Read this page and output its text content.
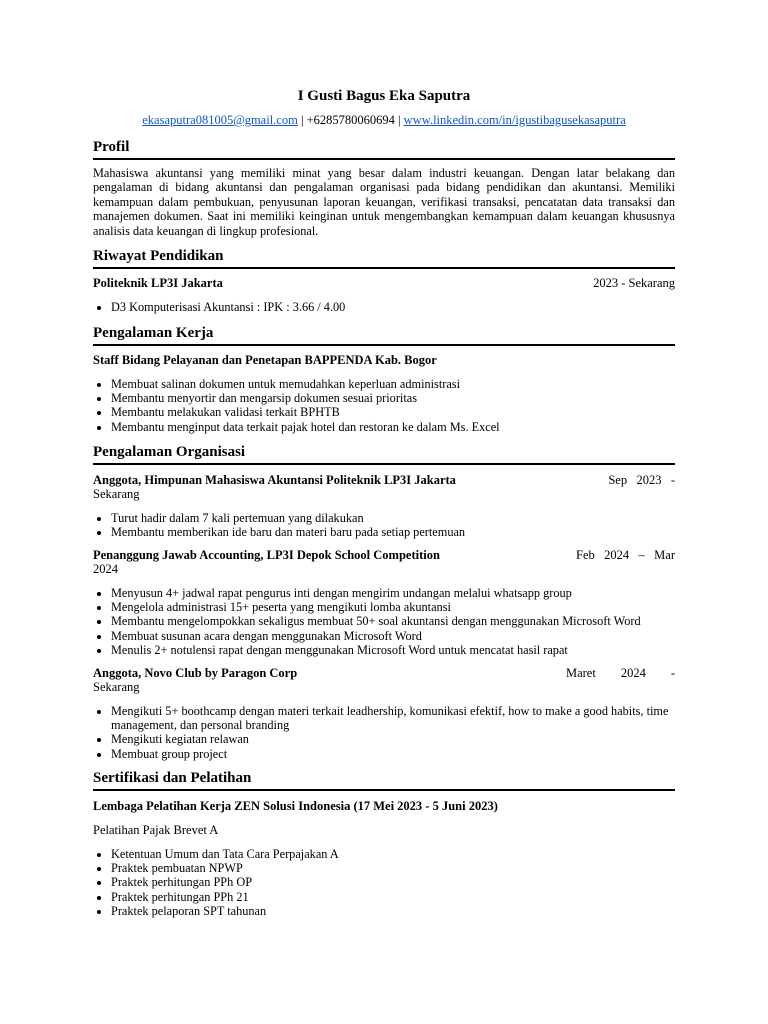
I Gusti Bagus Eka Saputra
ekasaputra081005@gmail.com | +6285780060694 | www.linkedin.com/in/igustibagusekasaputra
Profil
Mahasiswa akuntansi yang memiliki minat yang besar dalam industri keuangan. Dengan latar belakang dan pengalaman di bidang akuntansi dan pengalaman organisasi pada bidang pendidikan dan akuntansi. Memiliki kemampuan dalam pembukuan, penyusunan laporan keuangan, verifikasi transaksi, pencatatan data transaksi dan manajemen dokumen. Saat ini memiliki keinginan untuk mengembangkan kemampuan dalam keuangan khususnya analisis data keuangan di lingkup profesional.
Riwayat Pendidikan
Politeknik LP3I Jakarta	2023 - Sekarang
• D3 Komputerisasi Akuntansi : IPK : 3.66 / 4.00
Pengalaman Kerja
Staff Bidang Pelayanan dan Penetapan BAPPENDA Kab. Bogor
• Membuat salinan dokumen untuk memudahkan keperluan administrasi
• Membantu menyortir dan mengarsip dokumen sesuai prioritas
• Membantu melakukan validasi terkait BPHTB
• Membantu menginput data terkait pajak hotel dan restoran ke dalam Ms. Excel
Pengalaman Organisasi
Anggota, Himpunan Mahasiswa Akuntansi Politeknik LP3I Jakarta	Sep   2023   -
Sekarang
• Turut hadir dalam 7 kali pertemuan yang dilakukan
• Membantu memberikan ide baru dan materi baru pada setiap pertemuan
Penanggung Jawab Accounting, LP3I Depok School Competition	Feb   2024   –   Mar
2024
• Menyusun 4+ jadwal rapat pengurus inti dengan mengirim undangan melalui whatsapp group
• Mengelola administrasi 15+ peserta yang mengikuti lomba akuntansi
• Membantu mengelompokkan sekaligus membuat 50+ soal akuntansi dengan menggunakan Microsoft Word
• Membuat susunan acara dengan menggunakan Microsoft Word
• Menulis 2+ notulensi rapat dengan menggunakan Microsoft Word untuk mencatat hasil rapat
Anggota, Novo Club by Paragon Corp	Maret        2024        -
Sekarang
• Mengikuti 5+ boothcamp dengan materi terkait leadhership, komunikasi efektif, how to make a good habits, time management, dan personal branding
• Mengikuti kegiatan relawan
• Membuat group project
Sertifikasi dan Pelatihan
Lembaga Pelatihan Kerja ZEN Solusi Indonesia (17 Mei 2023 - 5 Juni 2023)
Pelatihan Pajak Brevet A
• Ketentuan Umum dan Tata Cara Perpajakan A
• Praktek pembuatan NPWP
• Praktek perhitungan PPh OP
• Praktek perhitungan PPh 21
• Praktek pelaporan SPT tahunan
